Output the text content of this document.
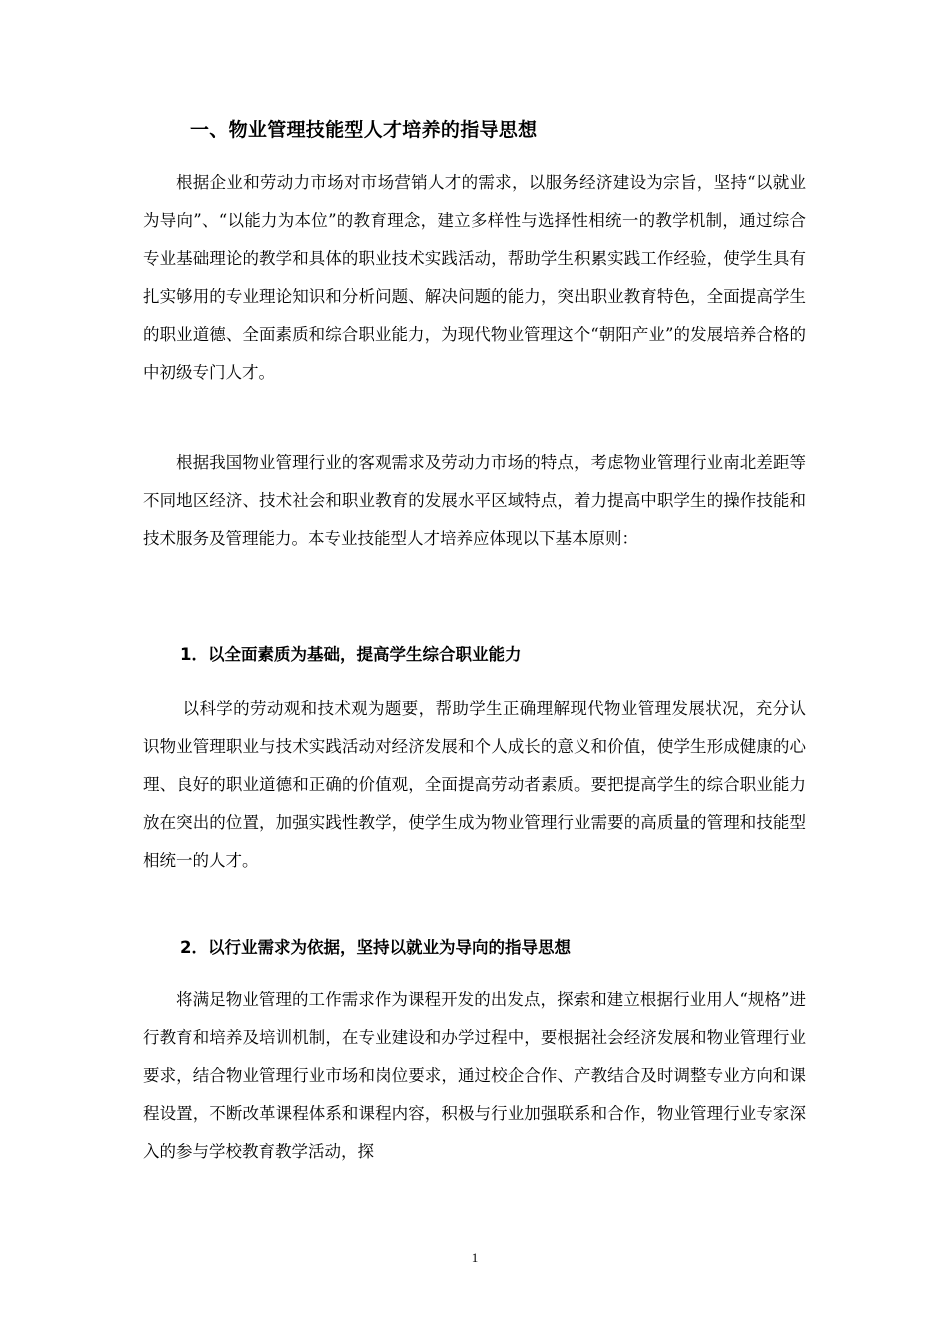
一、物业管理技能型人才培养的指导思想

根据企业和劳动力市场对市场营销人才的需求，以服务经济建设为宗旨，坚持“以就业为导向”、“以能力为本位”的教育理念，建立多样性与选择性相统一的教学机制，通过综合专业基础理论的教学和具体的职业技术实践活动，帮助学生积累实践工作经验，使学生具有扎实够用的专业理论知识和分析问题、解决问题的能力，突出职业教育特色，全面提高学生的职业道德、全面素质和综合职业能力，为现代物业管理这个“朝阳产业”的发展培养合格的中初级专门人才。

根据我国物业管理行业的客观需求及劳动力市场的特点，考虑物业管理行业南北差距等不同地区经济、技术社会和职业教育的发展水平区域特点，着力提高中职学生的操作技能和技术服务及管理能力。本专业技能型人才培养应体现以下基本原则：

1．以全面素质为基础，提高学生综合职业能力

以科学的劳动观和技术观为题要，帮助学生正确理解现代物业管理发展状况，充分认识物业管理职业与技术实践活动对经济发展和个人成长的意义和价值，使学生形成健康的心理、良好的职业道德和正确的价值观，全面提高劳动者素质。要把提高学生的综合职业能力放在突出的位置，加强实践性教学，使学生成为物业管理行业需要的高质量的管理和技能型相统一的人才。

2．以行业需求为依据，坚持以就业为导向的指导思想

将满足物业管理的工作需求作为课程开发的出发点，探索和建立根据行业用人“规格”进行教育和培养及培训机制，在专业建设和办学过程中，要根据社会经济发展和物业管理行业要求，结合物业管理行业市场和岗位要求，通过校企合作、产教结合及时调整专业方向和课程设置，不断改革课程体系和课程内容，积极与行业加强联系和合作，物业管理行业专家深入的参与学校教育教学活动，探

1
